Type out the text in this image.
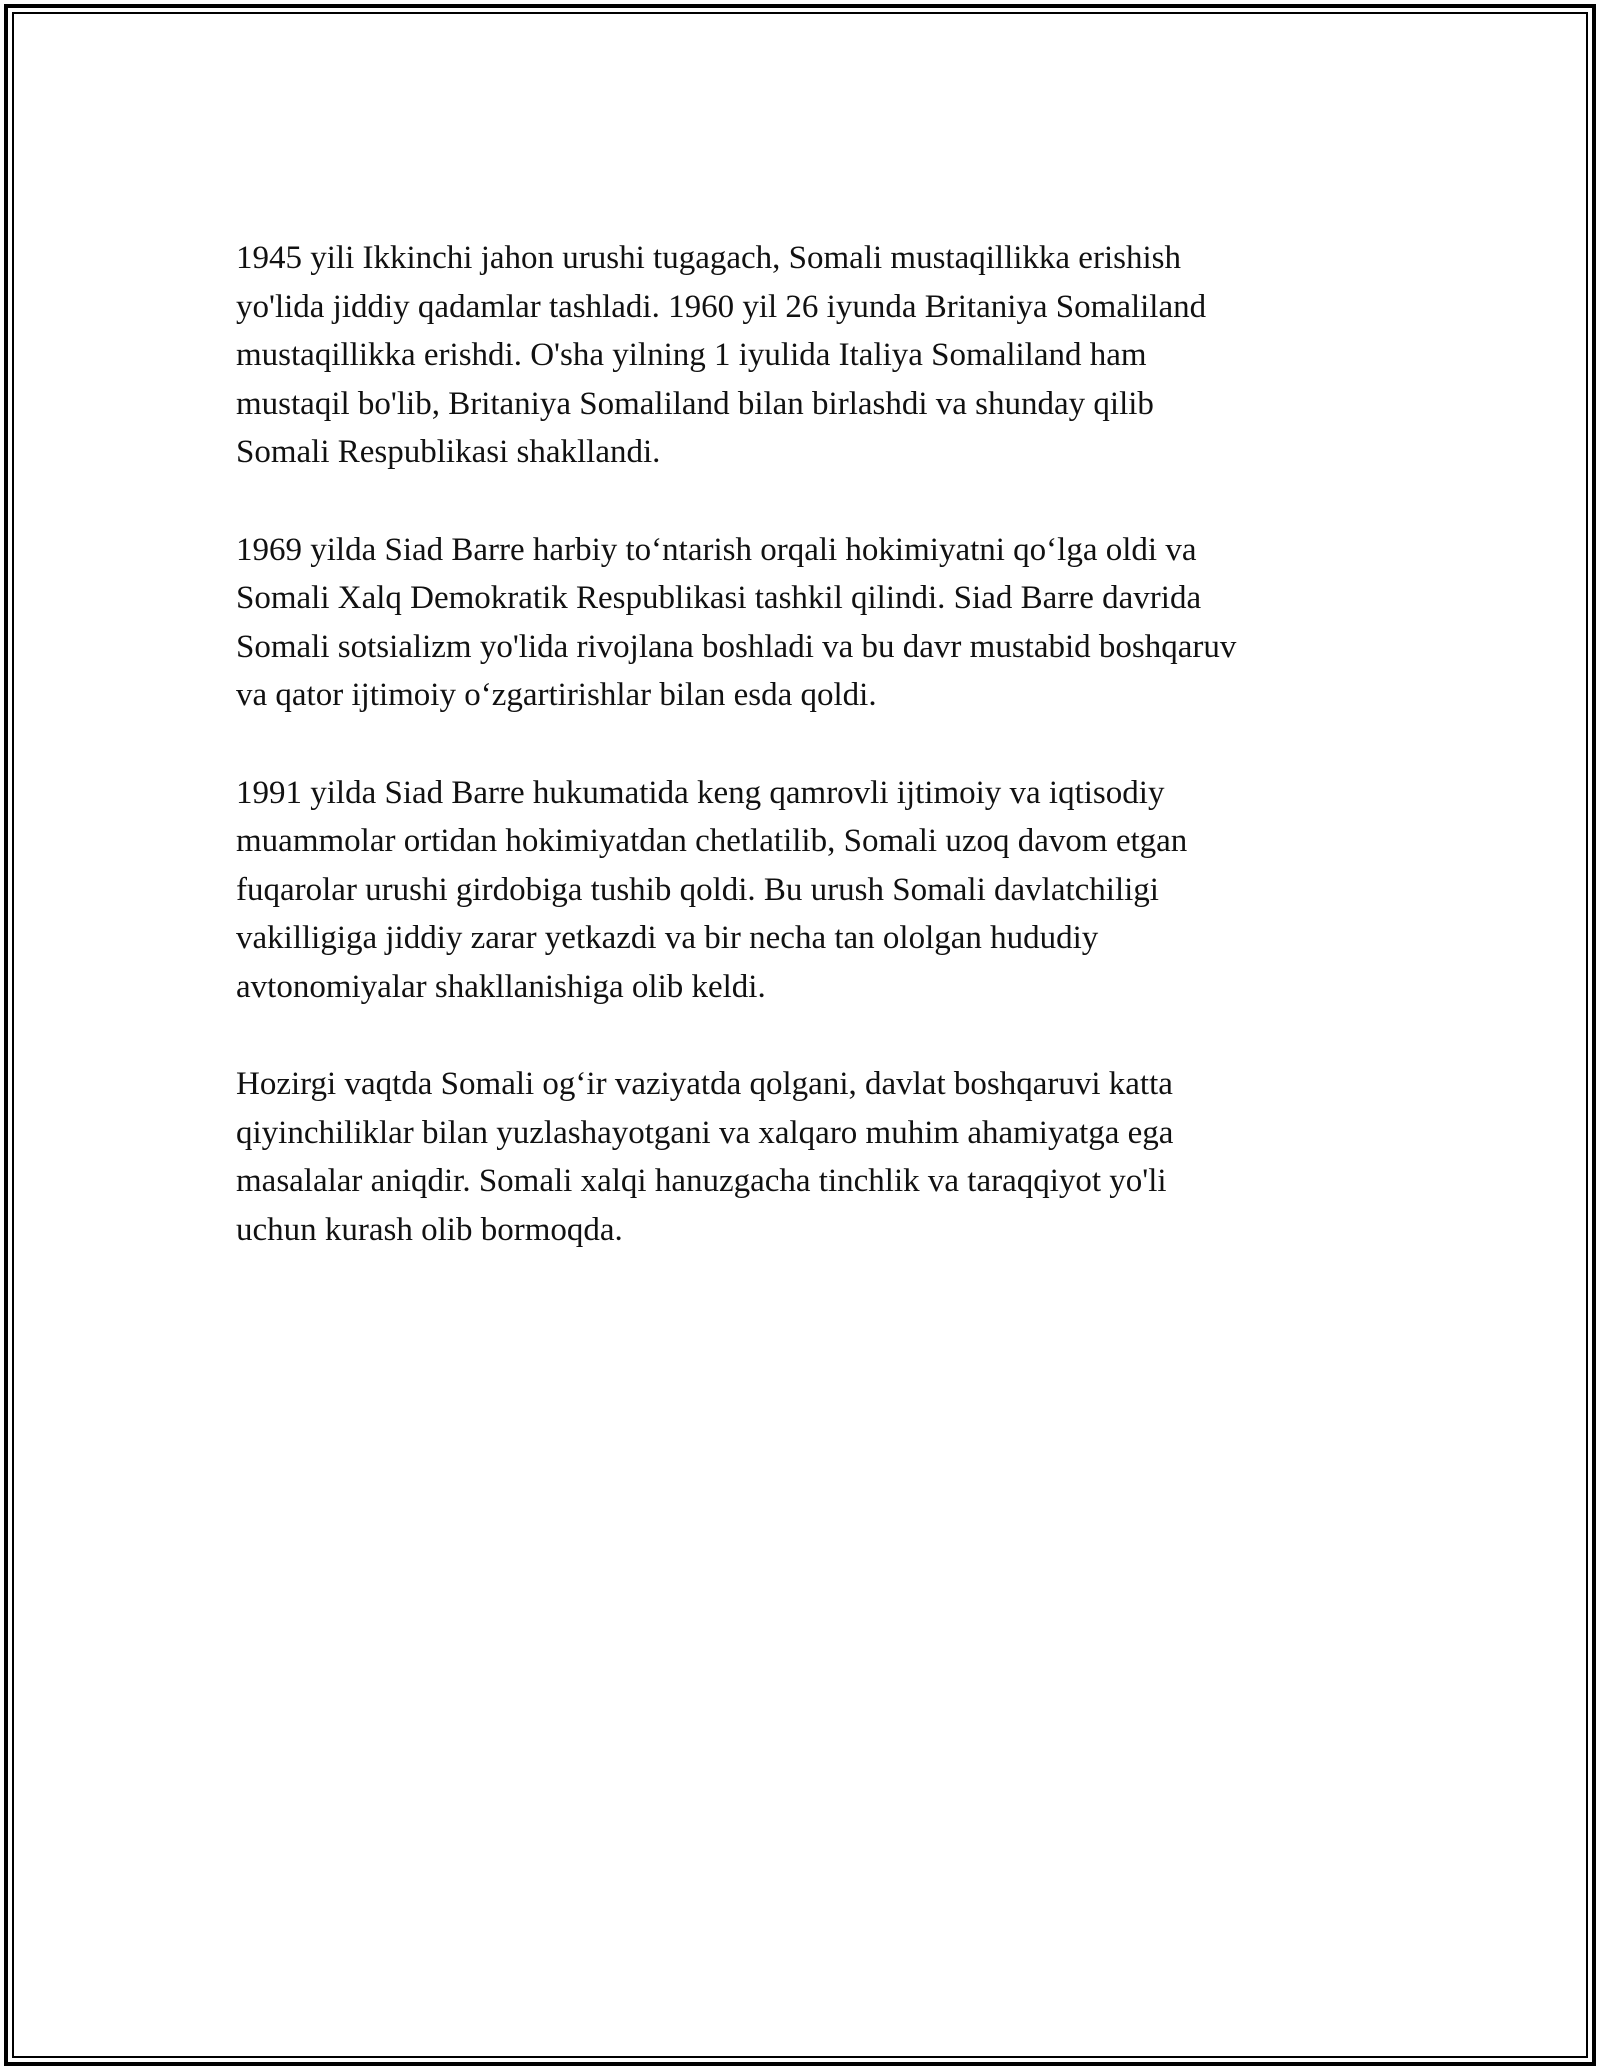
1945 yili Ikkinchi jahon urushi tugagach, Somali mustaqillikka erishish
yo'lida jiddiy qadamlar tashladi. 1960 yil 26 iyunda Britaniya Somaliland
mustaqillikka erishdi. O'sha yilning 1 iyulida Italiya Somaliland ham
mustaqil bo'lib, Britaniya Somaliland bilan birlashdi va shunday qilib
Somali Respublikasi shakllandi.

1969 yilda Siad Barre harbiy to‘ntarish orqali hokimiyatni qo‘lga oldi va
Somali Xalq Demokratik Respublikasi tashkil qilindi. Siad Barre davrida
Somali sotsializm yo'lida rivojlana boshladi va bu davr mustabid boshqaruv
va qator ijtimoiy o‘zgartirishlar bilan esda qoldi.

1991 yilda Siad Barre hukumatida keng qamrovli ijtimoiy va iqtisodiy
muammolar ortidan hokimiyatdan chetlatilib, Somali uzoq davom etgan
fuqarolar urushi girdobiga tushib qoldi. Bu urush Somali davlatchiligi
vakilligiga jiddiy zarar yetkazdi va bir necha tan ololgan hududiy
avtonomiyalar shakllanishiga olib keldi.

Hozirgi vaqtda Somali og‘ir vaziyatda qolgani, davlat boshqaruvi katta
qiyinchiliklar bilan yuzlashayotgani va xalqaro muhim ahamiyatga ega
masalalar aniqdir. Somali xalqi hanuzgacha tinchlik va taraqqiyot yo'li
uchun kurash olib bormoqda.
